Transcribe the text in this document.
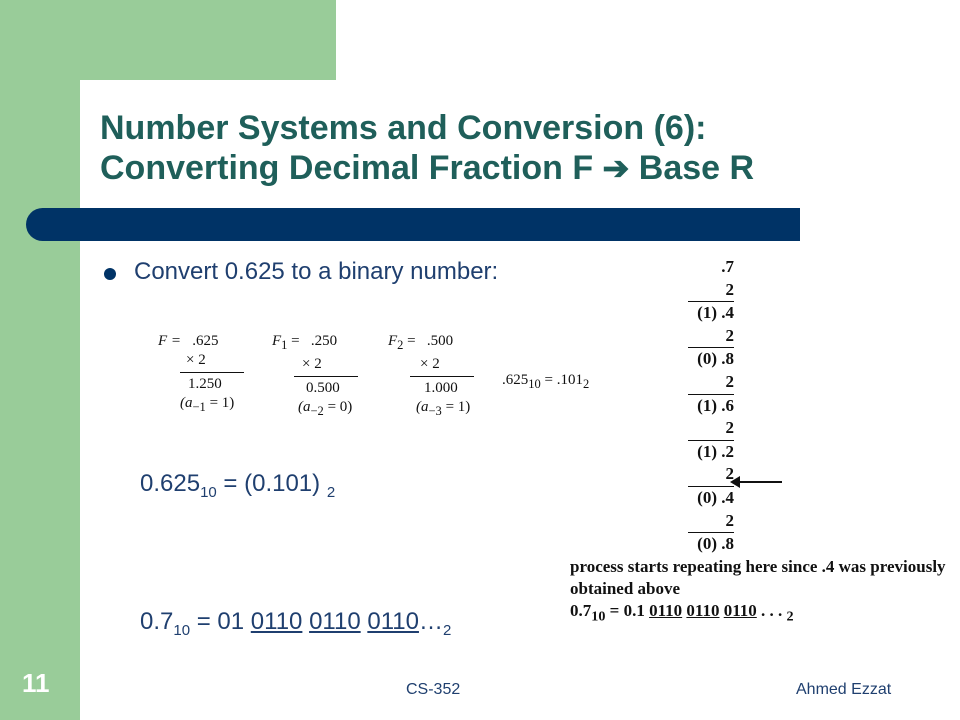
Number Systems and Conversion (6):
Converting Decimal Fraction F ➔ Base R
Convert 0.625 to a binary number:
F = .625
× 2
1.250
$(a_{-1} = 1)$
$F_1 = .250$
× 2
0.500
$(a_{-2} = 0)$
$F_2 = .500$
× 2
1.000
$(a_{-3} = 1)$
$.625_{10} = .101_2$
$0.625_{10} = (0.101)$ $_2$
$0.7_{10} = 01$ 0110 0110 $0110\dots_2$
.7
2
(1) .4
2
(0) .8
2
(1) .6
2
(1) .2
2
(0) .4
2
(0) .8
process starts repeating here since .4 was previously
obtained above
$0.7_{10} = 0.1$ 0110 0110 0110 . . . $_2$
11	CS-352	Ahmed Ezzat
